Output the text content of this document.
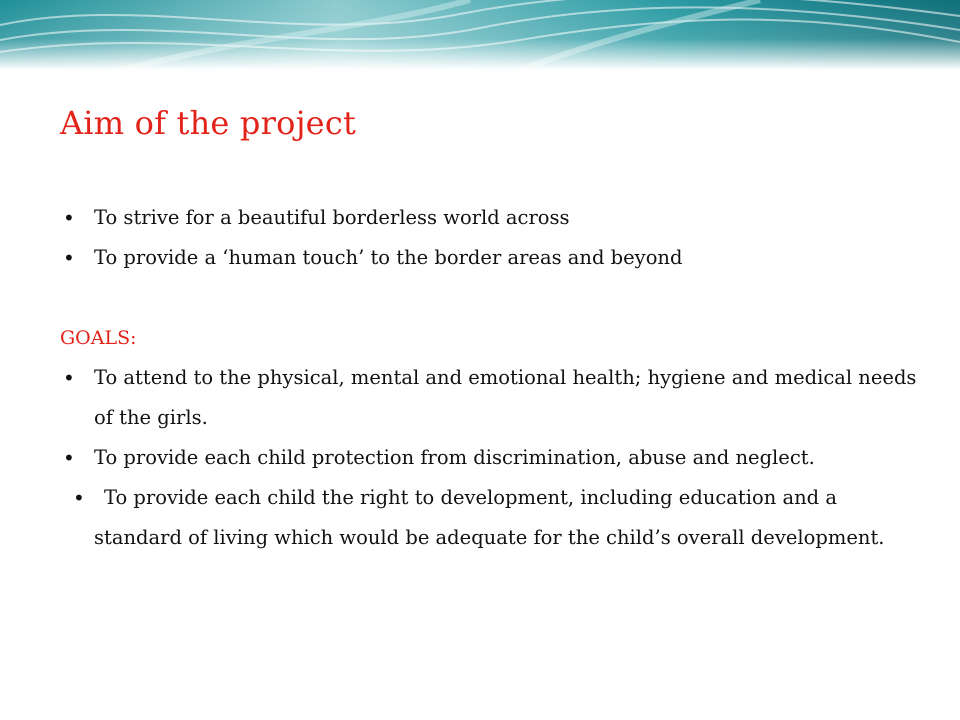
Aim of the project
• To strive for a beautiful borderless world across
• To provide a ‘human touch’ to the border areas and beyond
GOALS:
• To attend to the physical, mental and emotional health; hygiene and medical needs of the girls.
• To provide each child protection from discrimination, abuse and neglect.
• To provide each child the right to development, including education and a standard of living which would be adequate for the child’s overall development.
